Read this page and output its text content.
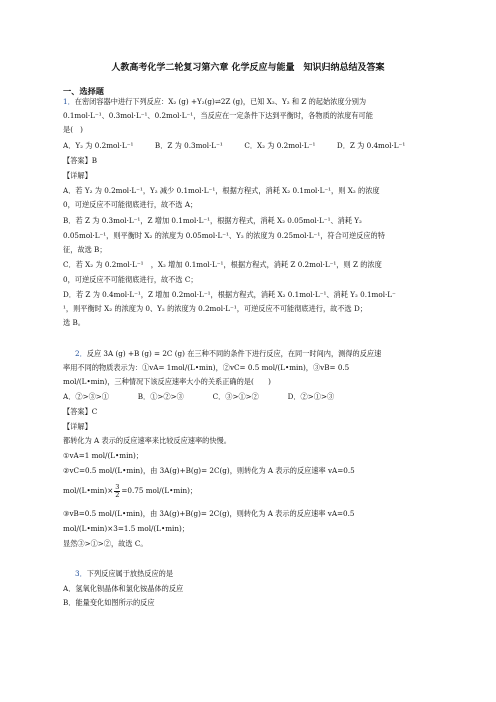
人教高考化学二轮复习第六章 化学反应与能量　知识归纳总结及答案
一、选择题
1．在密闭容器中进行下列反应：X₂ (g) +Y₂(g)⇌2Z (g)，已知 X₂、Y₂ 和 Z 的起始浓度分别为
0.1mol·L⁻¹、0.3mol·L⁻¹、0.2mol·L⁻¹，当反应在一定条件下达到平衡时，各物质的浓度有可能
是(　)
A．Y₂ 为 0.2mol·L⁻¹　　　B．Z 为 0.3mol·L⁻¹　　　C．X₂ 为 0.2mol·L⁻¹　　　D．Z 为 0.4mol·L⁻¹
【答案】B
【详解】
A．若 Y₂ 为 0.2mol·L⁻¹，Y₂ 减少 0.1mol·L⁻¹，根据方程式，消耗 X₂ 0.1mol·L⁻¹，则 X₂ 的浓度
0，可逆反应不可能彻底进行，故不选 A；
B．若 Z 为 0.3mol·L⁻¹，Z 增加 0.1mol·L⁻¹，根据方程式，消耗 X₂ 0.05mol·L⁻¹、消耗 Y₂
0.05mol·L⁻¹，则平衡时 X₂ 的浓度为 0.05mol·L⁻¹、Y₂ 的浓度为 0.25mol·L⁻¹，符合可逆反应的特
征，故选 B；
C．若 X₂ 为 0.2mol·L⁻¹　，X₂ 增加 0.1mol·L⁻¹，根据方程式，消耗 Z 0.2mol·L⁻¹，则 Z 的浓度
0，可逆反应不可能彻底进行，故不选 C；
D．若 Z 为 0.4mol·L⁻¹，Z 增加 0.2mol·L⁻¹，根据方程式，消耗 X₂ 0.1mol·L⁻¹、消耗 Y₂ 0.1mol·L⁻
¹，则平衡时 X₂ 的浓度为 0、Y₂ 的浓度为 0.2mol·L⁻¹，可逆反应不可能彻底进行，故不选 D；
选 B。
2．反应 3A (g) +B (g) = 2C (g) 在三种不同的条件下进行反应，在同一时间内，测得的反应速
率用不同的物质表示为：①vA= 1mol/(L•min)，②vC= 0.5 mol/(L•min)，③vB= 0.5
mol/(L•min)，三种情况下该反应速率大小的关系正确的是(　　)
A．②>③>①　　　　B．①>②>③　　　　C．③>①>②　　　　D．②>①>③
【答案】C
【详解】
都转化为 A 表示的反应速率来比较反应速率的快慢。
①vA=1 mol/(L•min)；
②vC=0.5 mol/(L•min)，由 3A(g)+B(g)= 2C(g)，则转化为 A 表示的反应速率 vA=0.5
mol/(L•min)× $\frac{3}{2} =0.75$ mol/(L•min)；
③vB=0.5 mol/(L•min)，由 3A(g)+B(g)= 2C(g)，则转化为 A 表示的反应速率 vA=0.5
mol/(L•min)×3=1.5 mol/(L•min)；
显然③>①>②，故选 C。
3．下列反应属于放热反应的是
A．氢氧化钡晶体和氯化铵晶体的反应
B．能量变化如图所示的反应
